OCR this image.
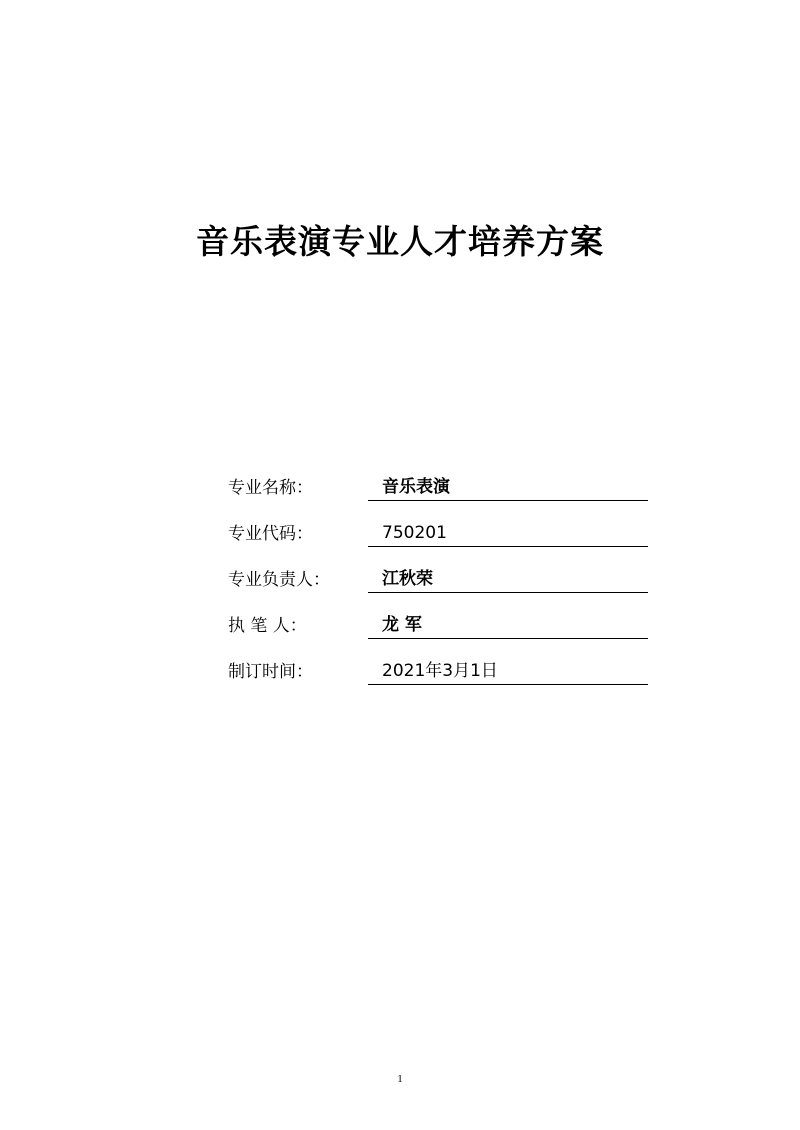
音乐表演专业人才培养方案
专业名称：	音乐表演
专业代码：	750201
专业负责人：	江秋荣
执 笔 人：	龙 军
制订时间：	2021年3月1日
1
